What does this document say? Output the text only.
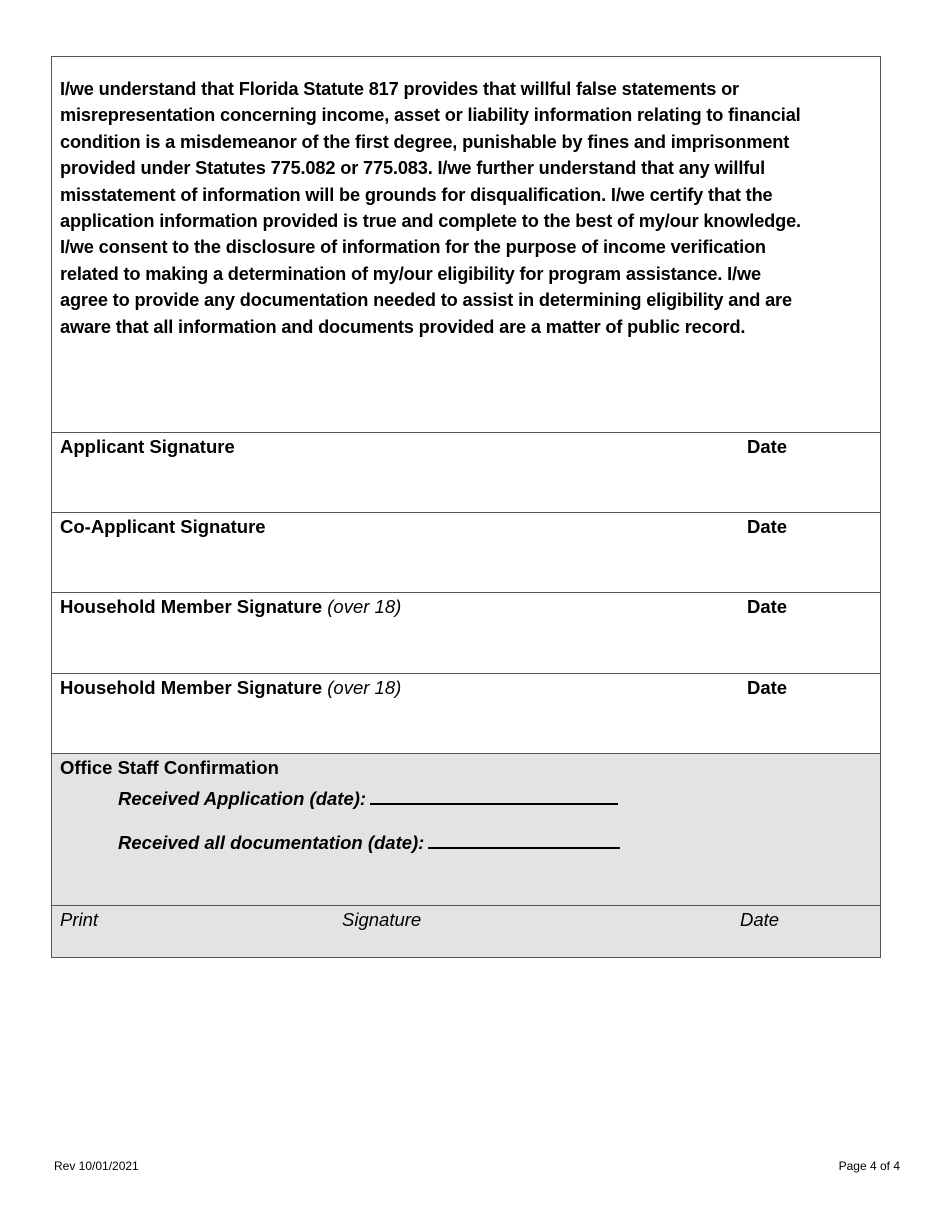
I/we understand that Florida Statute 817 provides that willful false statements or
misrepresentation concerning income, asset or liability information relating to financial
condition is a misdemeanor of the first degree, punishable by fines and imprisonment
provided under Statutes 775.082 or 775.083. I/we further understand that any willful
misstatement of information will be grounds for disqualification. I/we certify that the
application information provided is true and complete to the best of my/our knowledge.
I/we consent to the disclosure of information for the purpose of income verification
related to making a determination of my/our eligibility for program assistance. I/we
agree to provide any documentation needed to assist in determining eligibility and are
aware that all information and documents provided are a matter of public record.
Applicant Signature	Date
Co-Applicant Signature	Date
Household Member Signature (over 18)	Date
Household Member Signature (over 18)	Date
Office Staff Confirmation
Received Application (date):
Received all documentation (date):
Print	Signature	Date
Rev 10/01/2021	Page 4 of 4
